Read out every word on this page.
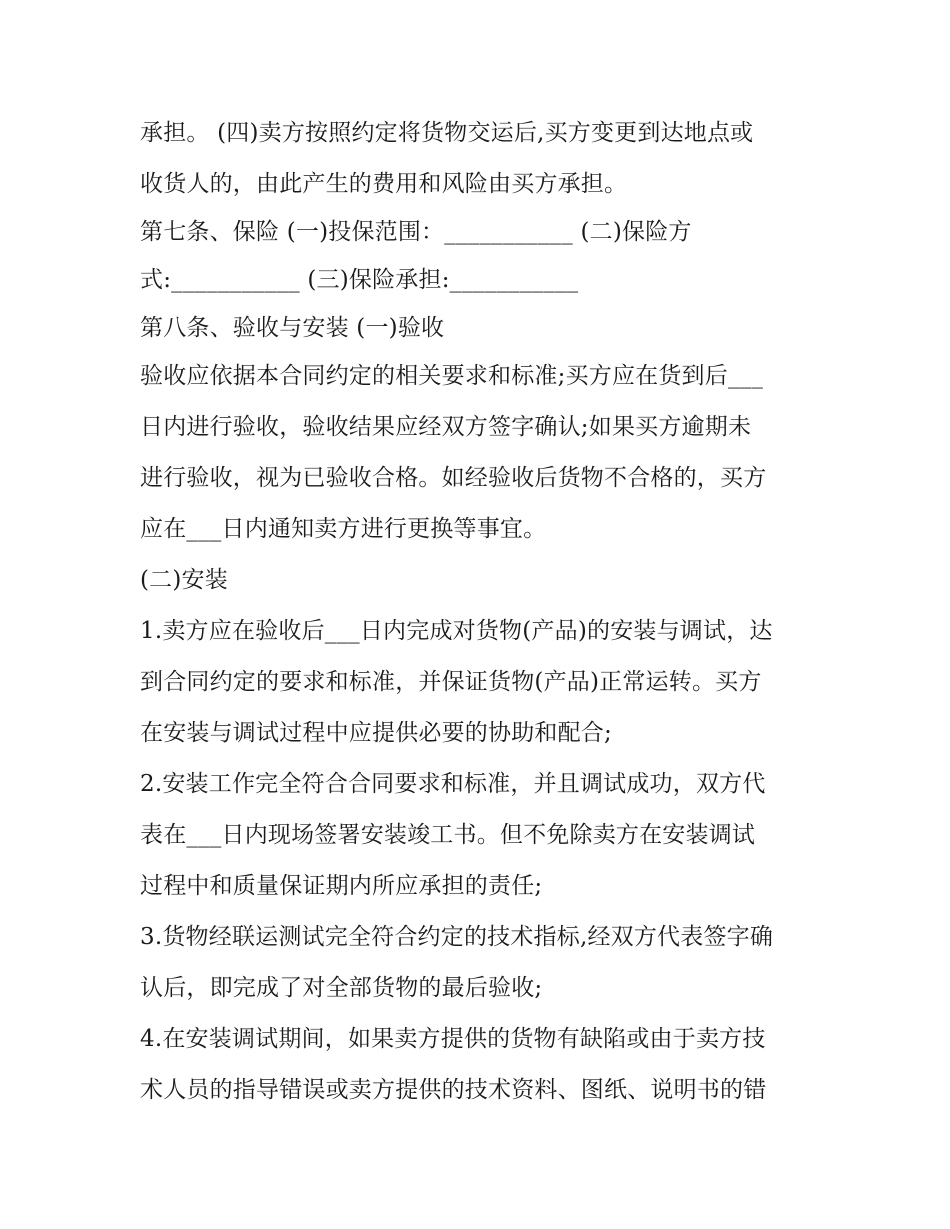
承担。 (四)卖方按照约定将货物交运后,买方变更到达地点或
收货人的，由此产生的费用和风险由买方承担。
第七条、保险 (一)投保范围：___________ (二)保险方
式:___________ (三)保险承担:___________
第八条、验收与安装 (一)验收
验收应依据本合同约定的相关要求和标准;买方应在货到后___
日内进行验收，验收结果应经双方签字确认;如果买方逾期未
进行验收，视为已验收合格。如经验收后货物不合格的，买方
应在___日内通知卖方进行更换等事宜。
(二)安装
1.卖方应在验收后___日内完成对货物(产品)的安装与调试，达
到合同约定的要求和标准，并保证货物(产品)正常运转。买方
在安装与调试过程中应提供必要的协助和配合;
2.安装工作完全符合合同要求和标准，并且调试成功，双方代
表在___日内现场签署安装竣工书。但不免除卖方在安装调试
过程中和质量保证期内所应承担的责任;
3.货物经联运测试完全符合约定的技术指标,经双方代表签字确
认后，即完成了对全部货物的最后验收;
4.在安装调试期间，如果卖方提供的货物有缺陷或由于卖方技
术人员的指导错误或卖方提供的技术资料、图纸、说明书的错
